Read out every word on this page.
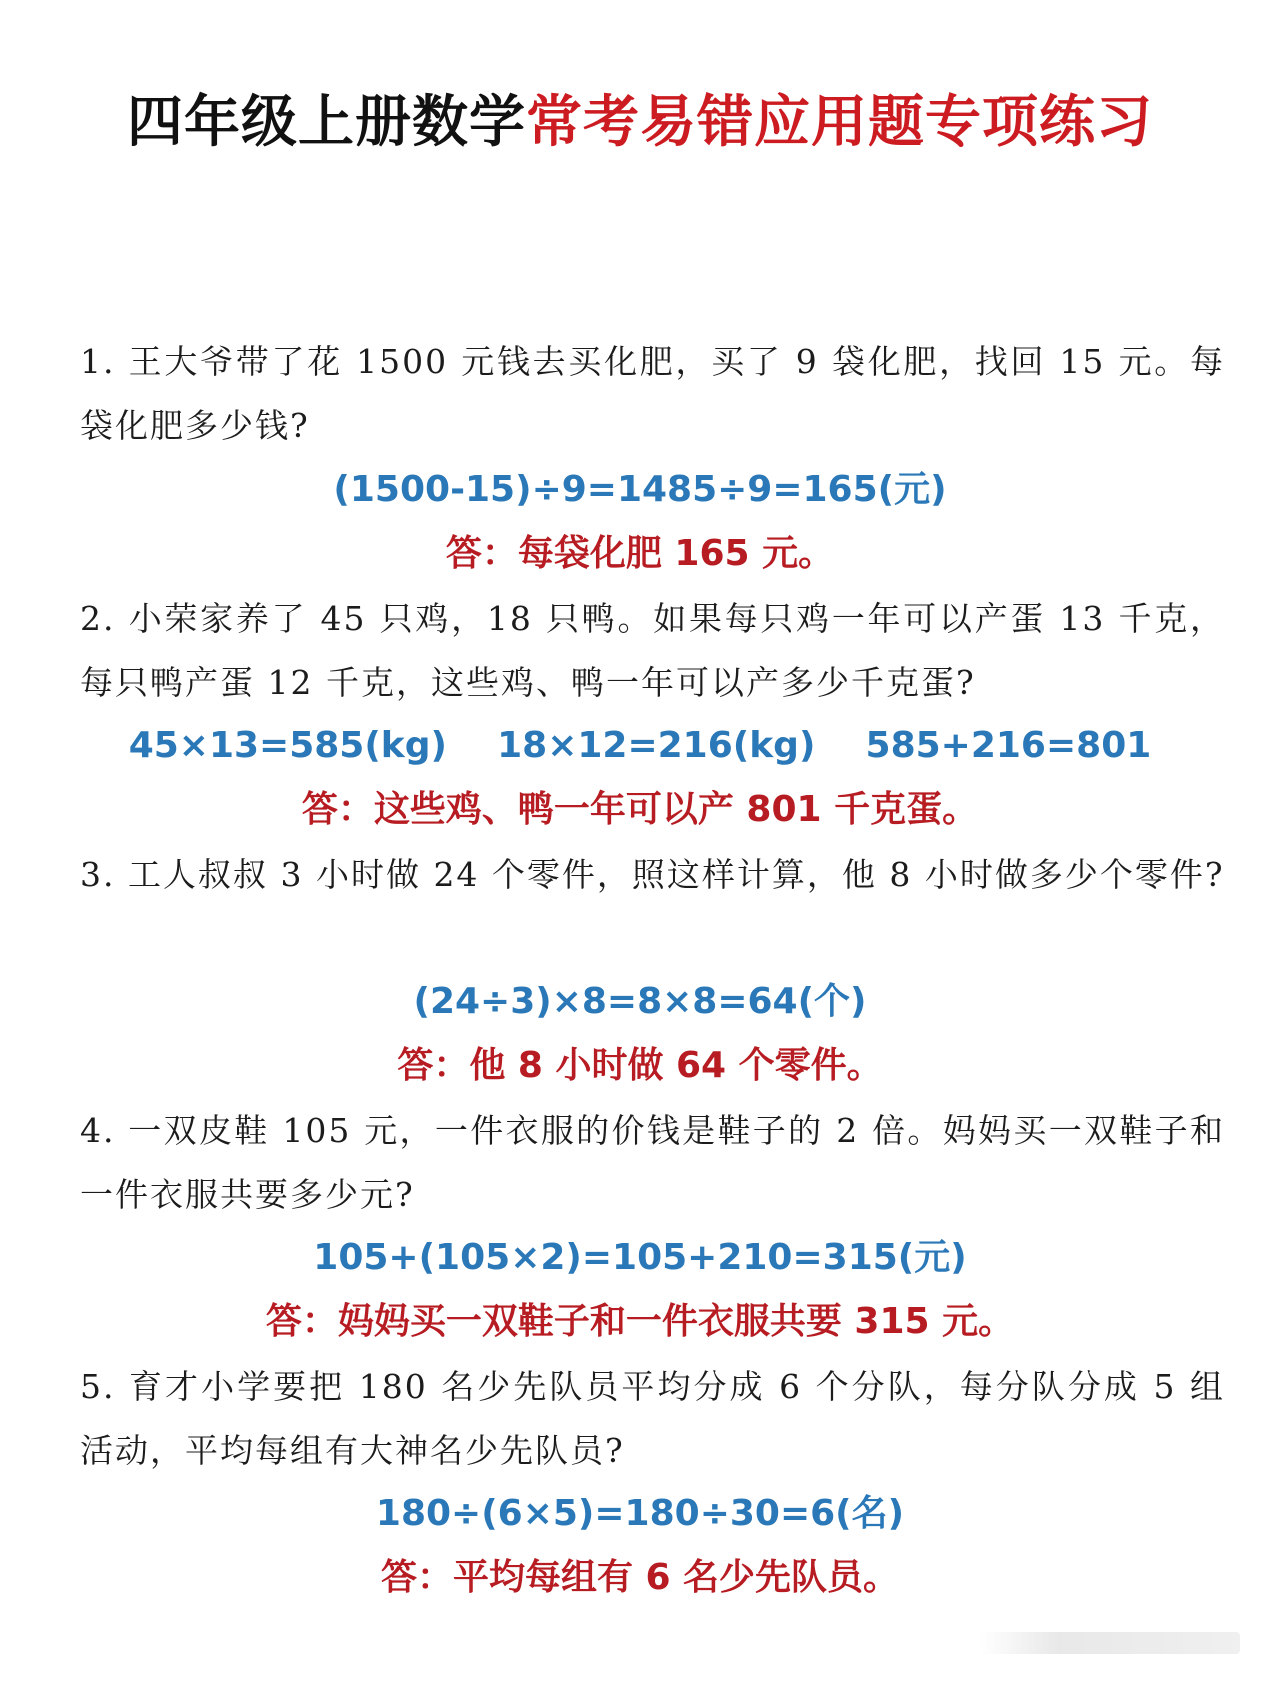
四年级上册数学常考易错应用题专项练习
1. 王大爷带了花 1500 元钱去买化肥，买了 9 袋化肥，找回 15 元。每袋化肥多少钱?
(1500-15)÷9=1485÷9=165(元)
答：每袋化肥 165 元。
2. 小荣家养了 45 只鸡，18 只鸭。如果每只鸡一年可以产蛋 13 千克，每只鸭产蛋 12 千克，这些鸡、鸭一年可以产多少千克蛋?
45×13=585(kg)    18×12=216(kg)    585+216=801
答：这些鸡、鸭一年可以产 801 千克蛋。
3. 工人叔叔 3 小时做 24 个零件，照这样计算，他 8 小时做多少个零件?
(24÷3)×8=8×8=64(个)
答：他 8 小时做 64 个零件。
4. 一双皮鞋 105 元，一件衣服的价钱是鞋子的 2 倍。妈妈买一双鞋子和一件衣服共要多少元?
105+(105×2)=105+210=315(元)
答：妈妈买一双鞋子和一件衣服共要 315 元。
5. 育才小学要把 180 名少先队员平均分成 6 个分队，每分队分成 5 组活动，平均每组有大神名少先队员?
180÷(6×5)=180÷30=6(名)
答：平均每组有 6 名少先队员。
